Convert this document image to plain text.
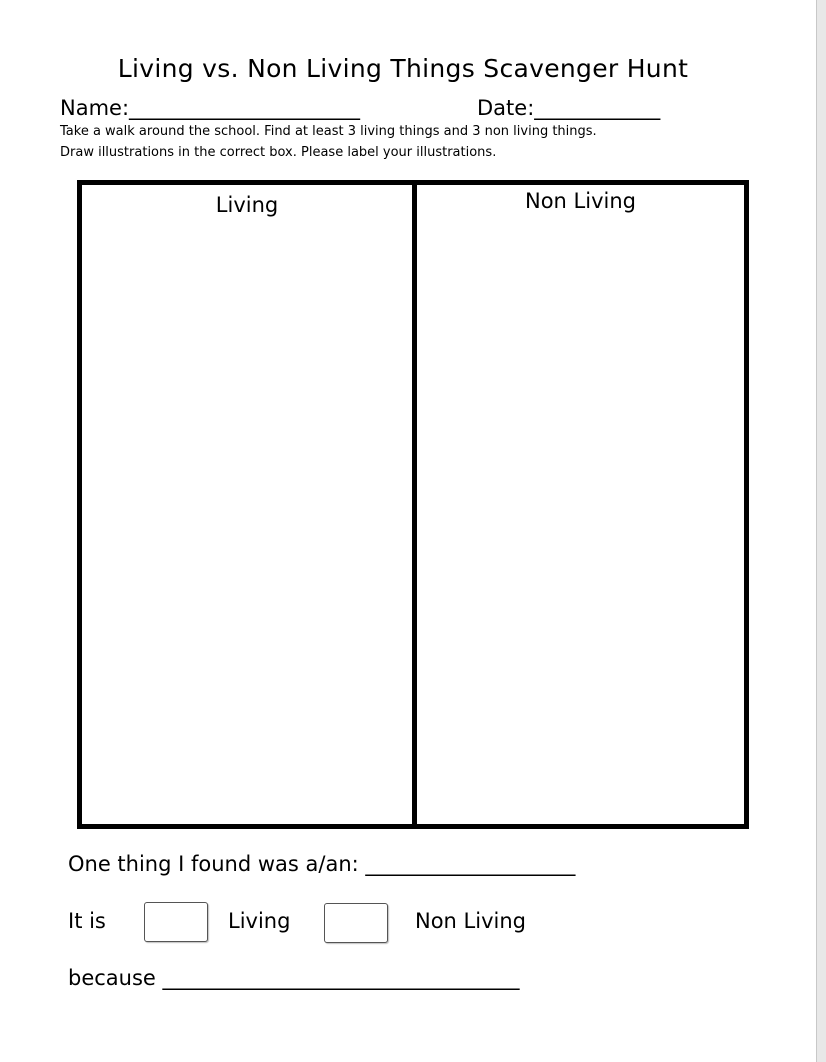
Living vs. Non Living Things Scavenger Hunt
Name:______________________	Date:____________
Take a walk around the school. Find at least 3 living things and 3 non living things.
Draw illustrations in the correct box. Please label your illustrations.
Living	Non Living
One thing I found was a/an: ____________________
It is	Living	Non Living
because __________________________________
